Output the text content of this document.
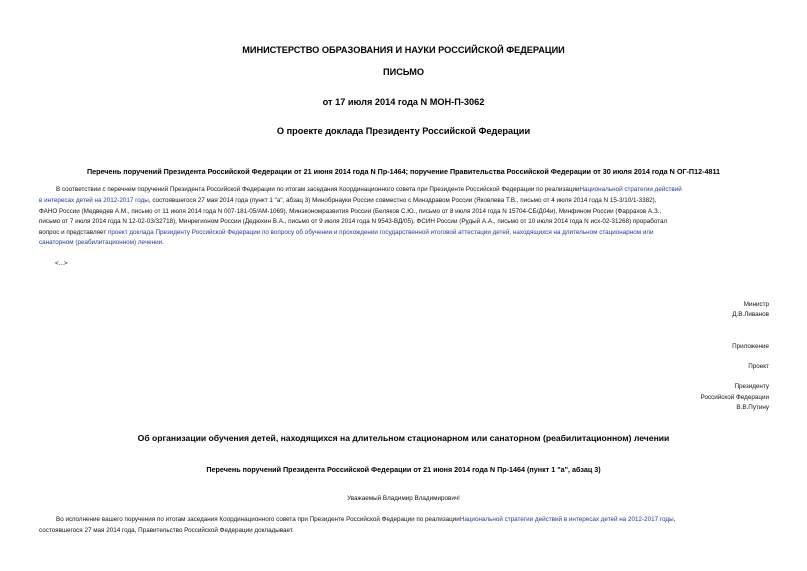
МИНИСТЕРСТВО ОБРАЗОВАНИЯ И НАУКИ РОССИЙСКОЙ ФЕДЕРАЦИИ
ПИСЬМО
от 17 июля 2014 года N МОН-П-3062
О проекте доклада Президенту Российской Федерации
Перечень поручений Президента Российской Федерации от 21 июня 2014 года N Пр-1464; поручение Правительства Российской Федерации от 30 июля 2014 года N ОГ-П12-4811
В соответствии с перечнем поручений Президента Российской Федерации по итогам заседания Координационного совета при Президенте Российской Федерации по реализацииНациональной стратегии действий
в интересах детей на 2012-2017 годы, состоявшегося 27 мая 2014 года (пункт 1 "а", абзац 3) Минобрнауки России совместно с Минздравом России (Яковлева Т.В., письмо от 4 июля 2014 года N 15-3/10/1-3382),
ФАНО России (Медведев А.М., письмо от 11 июля 2014 года N 007-181-05/АМ-1069), Минэкономразвития России (Беляков С.Ю., письмо от 8 июля 2014 года N 15704-СБ/Д04и), Минфином России (Фаррахов А.З.,
письмо от 7 июля 2014 года N 12-02-03/32718), Минрегионом России (Дедюхин В.А., письмо от 9 июля 2014 года N 9543-ВД/05), ФСИН России (Рудый А.А., письмо от 10 июля 2014 года N исх-02-31268) проработал
вопрос и представляет проект доклада Президенту Российской Федерации по вопросу об обучении и прохождении государственной итоговой аттестации детей, находящихся на длительном стационарном или
санаторном (реабилитационном) лечении.
<...>
Министр
Д.В.Ливанов
Приложение
Проект
Президенту
Российской Федерации
В.В.Путину
Об организации обучения детей, находящихся на длительном стационарном или санаторном (реабилитационном) лечении
Перечень поручений Президента Российской Федерации от 21 июня 2014 года N Пр-1464 (пункт 1 "а", абзац 3)
Уважаемый Владимир Владимирович!
Во исполнение вашего поручения по итогам заседания Координационного совета при Президенте Российской Федерации по реализацииНациональной стратегии действий в интересах детей на 2012-2017 годы,
состоявшегося 27 мая 2014 года, Правительство Российской Федерации докладывает.
